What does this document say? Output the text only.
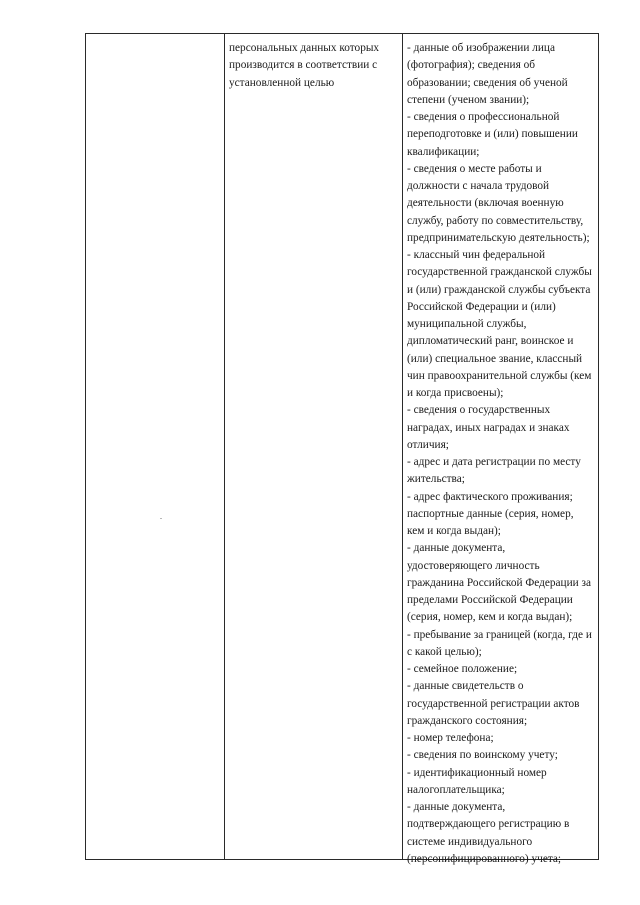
персональных данных которых
производится в соответствии с
установленной целью
- данные об изображении лица
(фотография); сведения об
образовании; сведения об ученой
степени (ученом звании);
- сведения о профессиональной
переподготовке и (или) повышении
квалификации;
- сведения о месте работы и
должности с начала трудовой
деятельности (включая военную
службу, работу по совместительству,
предпринимательскую деятельность);
- классный чин федеральной
государственной гражданской службы
и (или) гражданской службы субъекта
Российской Федерации и (или)
муниципальной службы,
дипломатический ранг, воинское и
(или) специальное звание, классный
чин правоохранительной службы (кем
и когда присвоены);
- сведения о государственных
наградах, иных наградах и знаках
отличия;
- адрес и дата регистрации по месту
жительства;
- адрес фактического проживания;
паспортные данные (серия, номер,
кем и когда выдан);
- данные документа,
удостоверяющего личность
гражданина Российской Федерации за
пределами Российской Федерации
(серия, номер, кем и когда выдан);
- пребывание за границей (когда, где и
с какой целью);
- семейное положение;
- данные свидетельств о
государственной регистрации актов
гражданского состояния;
- номер телефона;
- сведения по воинскому учету;
- идентификационный номер
налогоплательщика;
- данные документа,
подтверждающего регистрацию в
системе индивидуального
(персонифицированного) учета;
